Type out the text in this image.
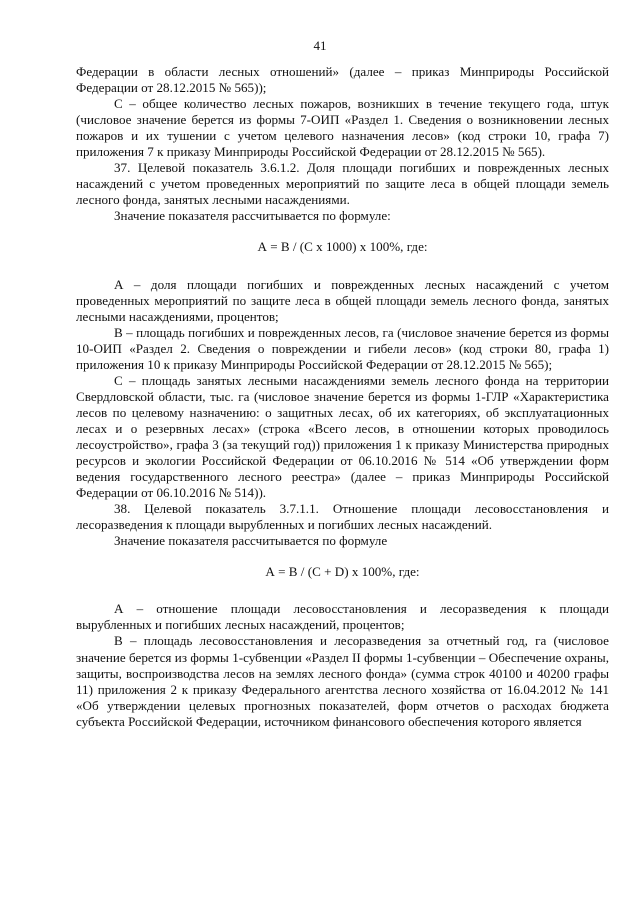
41

Федерации в области лесных отношений» (далее – приказ Минприроды Российской Федерации от 28.12.2015 № 565));

С – общее количество лесных пожаров, возникших в течение текущего года, штук (числовое значение берется из формы 7-ОИП «Раздел 1. Сведения о возникновении лесных пожаров и их тушении с учетом целевого назначения лесов» (код строки 10, графа 7) приложения 7 к приказу Минприроды Российской Федерации от 28.12.2015 № 565).

37. Целевой показатель 3.6.1.2. Доля площади погибших и поврежденных лесных насаждений с учетом проведенных мероприятий по защите леса в общей площади земель лесного фонда, занятых лесными насаждениями.

Значение показателя рассчитывается по формуле:

А = В / (С х 1000) х 100%, где:

А – доля площади погибших и поврежденных лесных насаждений с учетом проведенных мероприятий по защите леса в общей площади земель лесного фонда, занятых лесными насаждениями, процентов;

В – площадь погибших и поврежденных лесов, га (числовое значение берется из формы 10-ОИП «Раздел 2. Сведения о повреждении и гибели лесов» (код строки 80, графа 1) приложения 10 к приказу Минприроды Российской Федерации от 28.12.2015 № 565);

С – площадь занятых лесными насаждениями земель лесного фонда на территории Свердловской области, тыс. га (числовое значение берется из формы 1-ГЛР «Характеристика лесов по целевому назначению: о защитных лесах, об их категориях, об эксплуатационных лесах и о резервных лесах» (строка «Всего лесов, в отношении которых проводилось лесоустройство», графа 3 (за текущий год)) приложения 1 к приказу Министерства природных ресурсов и экологии Российской Федерации от 06.10.2016 № 514 «Об утверждении форм ведения государственного лесного реестра» (далее – приказ Минприроды Российской Федерации от 06.10.2016 № 514)).

38. Целевой показатель 3.7.1.1. Отношение площади лесовосстановления и лесоразведения к площади вырубленных и погибших лесных насаждений.

Значение показателя рассчитывается по формуле

А = В / (С + D) х 100%, где:

А – отношение площади лесовосстановления и лесоразведения к площади вырубленных и погибших лесных насаждений, процентов;

В – площадь лесовосстановления и лесоразведения за отчетный год, га (числовое значение берется из формы 1-субвенции «Раздел II формы 1-субвенции – Обеспечение охраны, защиты, воспроизводства лесов на землях лесного фонда» (сумма строк 40100 и 40200 графы 11) приложения 2 к приказу Федерального агентства лесного хозяйства от 16.04.2012 № 141 «Об утверждении целевых прогнозных показателей, форм отчетов о расходах бюджета субъекта Российской Федерации, источником финансового обеспечения которого является
